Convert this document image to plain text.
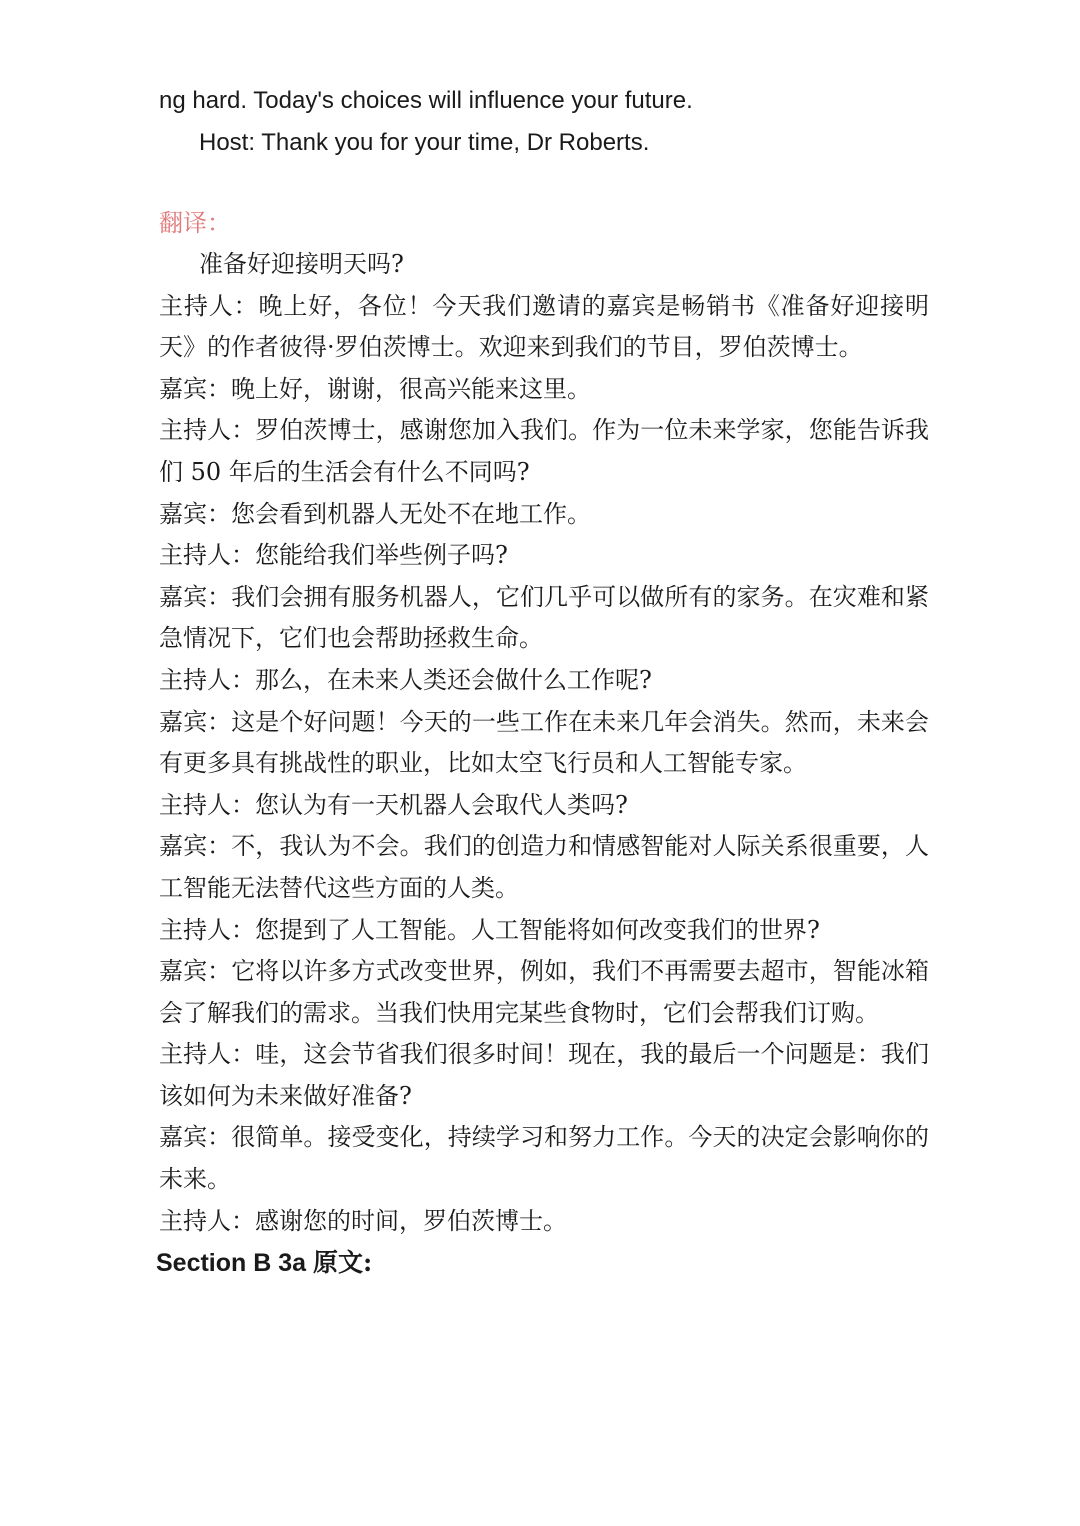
ng hard. Today's choices will influence your future.

Host: Thank you for your time, Dr Roberts.

翻译：

准备好迎接明天吗?

主持人：晚上好，各位！今天我们邀请的嘉宾是畅销书《准备好迎接明天》的作者彼得·罗伯茨博士。欢迎来到我们的节目，罗伯茨博士。

嘉宾：晚上好，谢谢，很高兴能来这里。

主持人：罗伯茨博士，感谢您加入我们。作为一位未来学家，您能告诉我们 50 年后的生活会有什么不同吗?

嘉宾：您会看到机器人无处不在地工作。

主持人：您能给我们举些例子吗?

嘉宾：我们会拥有服务机器人，它们几乎可以做所有的家务。在灾难和紧急情况下，它们也会帮助拯救生命。

主持人：那么，在未来人类还会做什么工作呢?

嘉宾：这是个好问题！今天的一些工作在未来几年会消失。然而，未来会有更多具有挑战性的职业，比如太空飞行员和人工智能专家。

主持人：您认为有一天机器人会取代人类吗?

嘉宾：不，我认为不会。我们的创造力和情感智能对人际关系很重要，人工智能无法替代这些方面的人类。

主持人：您提到了人工智能。人工智能将如何改变我们的世界?

嘉宾：它将以许多方式改变世界，例如，我们不再需要去超市，智能冰箱会了解我们的需求。当我们快用完某些食物时，它们会帮我们订购。

主持人：哇，这会节省我们很多时间！现在，我的最后一个问题是：我们该如何为未来做好准备?

嘉宾：很简单。接受变化，持续学习和努力工作。今天的决定会影响你的未来。

主持人：感谢您的时间，罗伯茨博士。

Section B 3a 原文:
